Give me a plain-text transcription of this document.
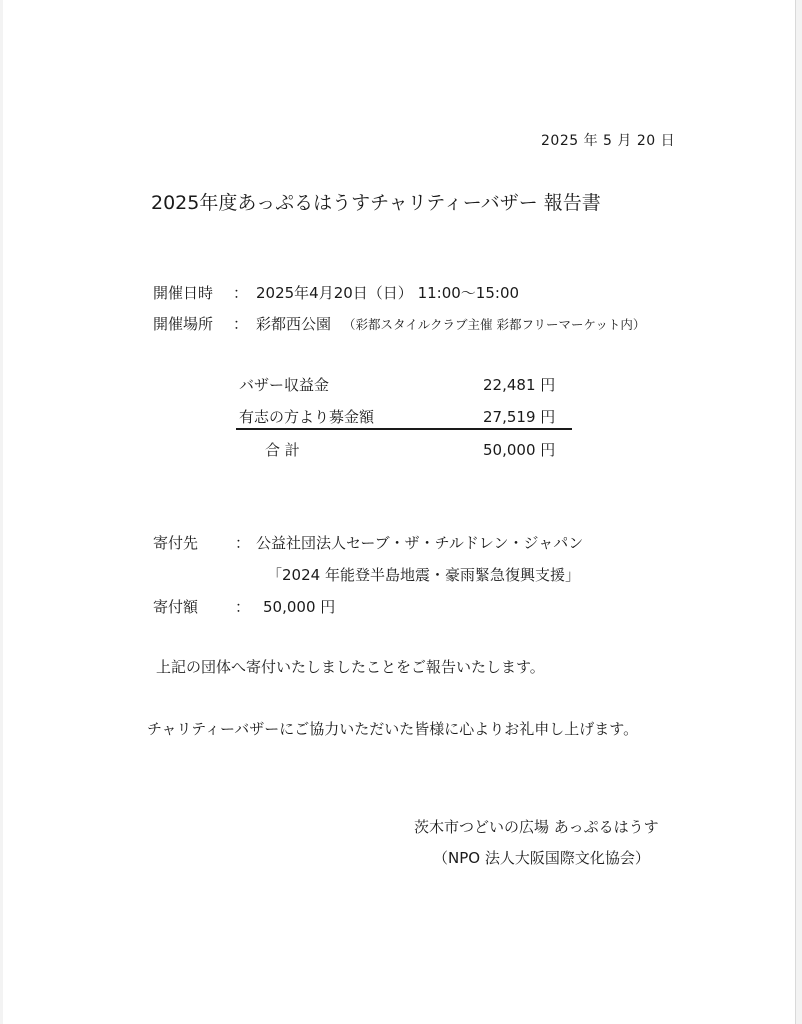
2025 年 5 月 20 日
2025年度あっぷるはうすチャリティーバザー 報告書
開催日時 ： 2025年4月20日（日） 11:00～15:00
開催場所 ： 彩都西公園 （彩都スタイルクラブ主催 彩都フリーマーケット内）
バザー収益金	22,481 円
有志の方より募金額	27,519 円
合 計	50,000 円
寄付先 ： 公益社団法人セーブ・ザ・チルドレン・ジャパン
「2024 年能登半島地震・豪雨緊急復興支援」
寄付額 ： 50,000 円
上記の団体へ寄付いたしましたことをご報告いたします。
チャリティーバザーにご協力いただいた皆様に心よりお礼申し上げます。
茨木市つどいの広場 あっぷるはうす
（NPO 法人大阪国際文化協会）
